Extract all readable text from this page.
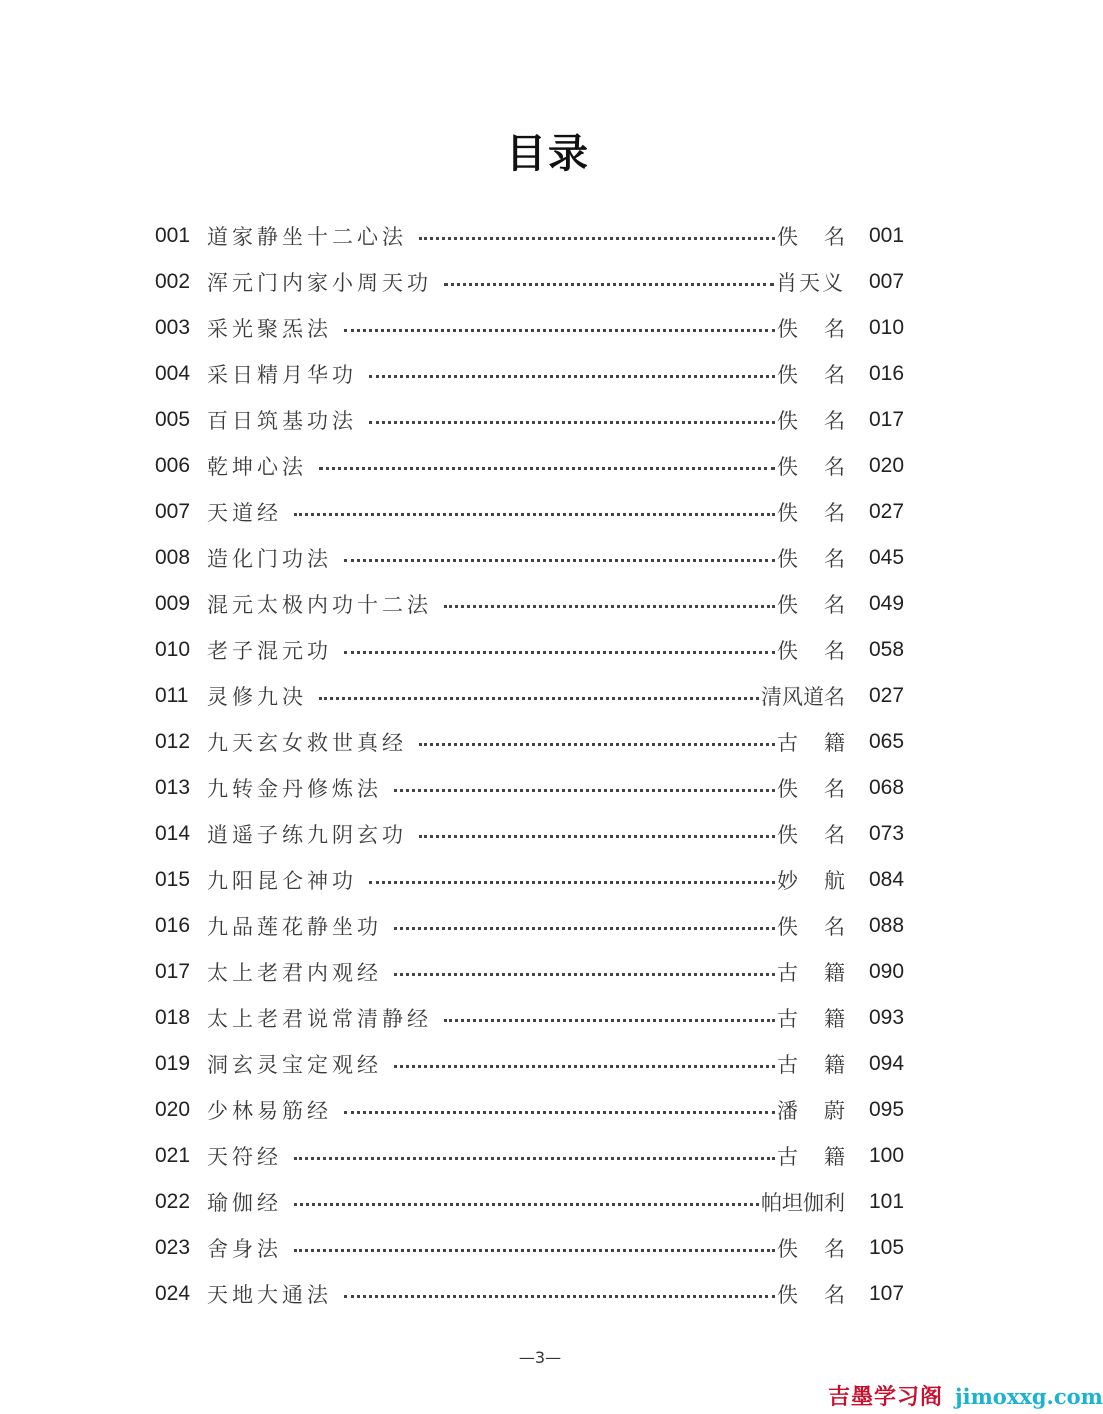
目录
001 道家静坐十二心法	佚名 001
002 浑元门内家小周天功	肖天义 007
003 采光聚炁法	佚名 010
004 采日精月华功	佚名 016
005 百日筑基功法	佚名 017
006 乾坤心法	佚名 020
007 天道经	佚名 027
008 造化门功法	佚名 045
009 混元太极内功十二法	佚名 049
010 老子混元功	佚名 058
011 灵修九决	清风道名 027
012 九天玄女救世真经	古籍 065
013 九转金丹修炼法	佚名 068
014 逍遥子练九阴玄功	佚名 073
015 九阳昆仑神功	妙航 084
016 九品莲花静坐功	佚名 088
017 太上老君内观经	古籍 090
018 太上老君说常清静经	古籍 093
019 洞玄灵宝定观经	古籍 094
020 少林易筋经	潘蔚 095
021 天符经	古籍 100
022 瑜伽经	帕坦伽利 101
023 舍身法	佚名 105
024 天地大通法	佚名 107
—3—
吉墨学习阁 jimoxxg.com
